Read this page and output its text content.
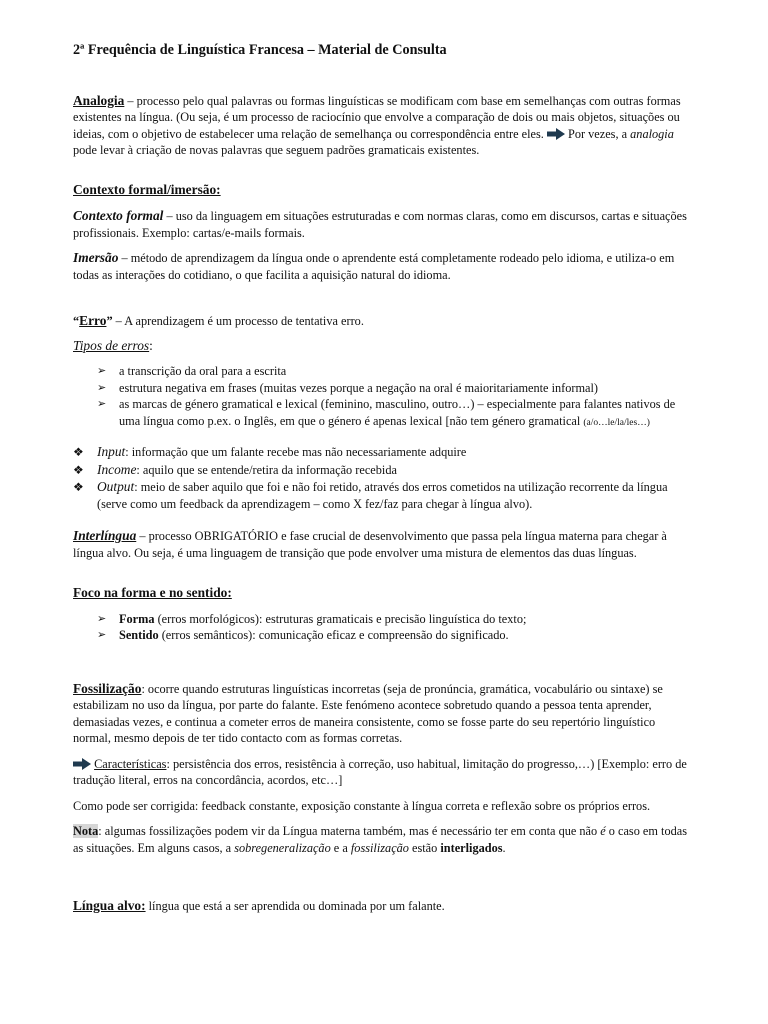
2ª Frequência de Linguística Francesa – Material de Consulta

Analogia – processo pelo qual palavras ou formas linguísticas se modificam com base em semelhanças com outras formas existentes na língua. (Ou seja, é um processo de raciocínio que envolve a comparação de dois ou mais objetos, situações ou ideias, com o objetivo de estabelecer uma relação de semelhança ou correspondência entre eles.
Por vezes, a analogia pode levar à criação de novas palavras que seguem padrões gramaticais existentes.

Contexto formal/imersão:

Contexto formal – uso da linguagem em situações estruturadas e com normas claras, como em discursos, cartas e situações profissionais. Exemplo: cartas/e-mails formais.

Imersão – método de aprendizagem da língua onde o aprendente está completamente rodeado pelo idioma, e utiliza-o em todas as interações do cotidiano, o que facilita a aquisição natural do idioma.

“Erro” – A aprendizagem é um processo de tentativa erro.

Tipos de erros:

➢ a transcrição da oral para a escrita
➢ estrutura negativa em frases (muitas vezes porque a negação na oral é maioritariamente informal)
➢ as marcas de género gramatical e lexical (feminino, masculino, outro…) – especialmente para falantes nativos de uma língua como p.ex. o Inglês, em que o género é apenas lexical [não tem género gramatical (a/o…le/la/les…)
❖ Input: informação que um falante recebe mas não necessariamente adquire
❖ Income: aquilo que se entende/retira da informação recebida
❖ Output: meio de saber aquilo que foi e não foi retido, através dos erros cometidos na utilização recorrente da língua (serve como um feedback da aprendizagem – como X fez/faz para chegar à língua alvo).

Interlíngua – processo OBRIGATÓRIO e fase crucial de desenvolvimento que passa pela língua materna para chegar à língua alvo. Ou seja, é uma linguagem de transição que pode envolver uma mistura de elementos das duas línguas.

Foco na forma e no sentido:

➢ Forma (erros morfológicos): estruturas gramaticais e precisão linguística do texto;
➢ Sentido (erros semânticos): comunicação eficaz e compreensão do significado.

Fossilização: ocorre quando estruturas linguísticas incorretas (seja de pronúncia, gramática, vocabulário ou sintaxe) se estabilizam no uso da língua, por parte do falante. Este fenómeno acontece sobretudo quando a pessoa tenta aprender, demasiadas vezes, e continua a cometer erros de maneira consistente, como se fosse parte do seu repertório linguístico normal, mesmo depois de ter tido contacto com as formas corretas.

Características: persistência dos erros, resistência à correção, uso habitual, limitação do progresso,…) [Exemplo: erro de tradução literal, erros na concordância, acordos, etc…]

Como pode ser corrigida: feedback constante, exposição constante à língua correta e reflexão sobre os próprios erros.

Nota: algumas fossilizações podem vir da Língua materna também, mas é necessário ter em conta que não é o caso em todas as situações. Em alguns casos, a sobregeneralização e a fossilização estão interligados.

Língua alvo: língua que está a ser aprendida ou dominada por um falante.
